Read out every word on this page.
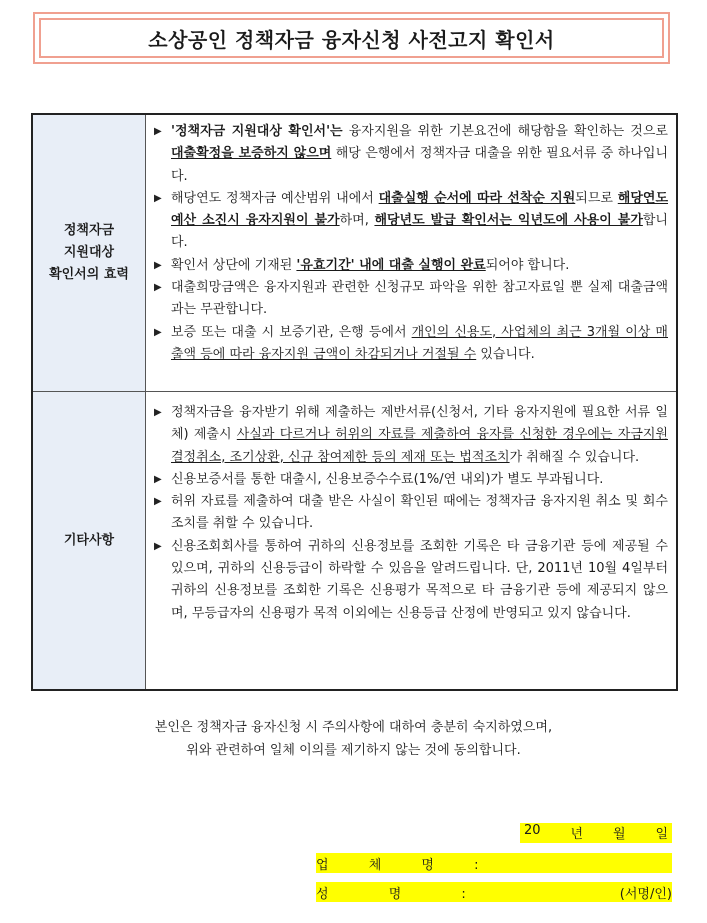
소상공인 정책자금 융자신청 사전고지 확인서
정책자금
지원대상
확인서의 효력
▶ '정책자금 지원대상 확인서'는 융자지원을 위한 기본요건에 해당함을 확인하는 것으로 대출확정을 보증하지 않으며 해당 은행에서 정책자금 대출을 위한 필요서류 중 하나입니다.
▶ 해당연도 정책자금 예산범위 내에서 대출실행 순서에 따라 선착순 지원되므로 해당연도 예산 소진시 융자지원이 불가하며, 해당년도 발급 확인서는 익년도에 사용이 불가합니다.
▶ 확인서 상단에 기재된 '유효기간' 내에 대출 실행이 완료되어야 합니다.
▶ 대출희망금액은 융자지원과 관련한 신청규모 파악을 위한 참고자료일 뿐 실제 대출금액과는 무관합니다.
▶ 보증 또는 대출 시 보증기관, 은행 등에서 개인의 신용도, 사업체의 최근 3개월 이상 매출액 등에 따라 융자지원 금액이 차감되거나 거절될 수 있습니다.
기타사항
▶ 정책자금을 융자받기 위해 제출하는 제반서류(신청서, 기타 융자지원에 필요한 서류 일체) 제출시 사실과 다르거나 허위의 자료를 제출하여 융자를 신청한 경우에는 자금지원 결정취소, 조기상환, 신규 참여제한 등의 제재 또는 법적조치가 취해질 수 있습니다.
▶ 신용보증서를 통한 대출시, 신용보증수수료(1%/연 내외)가 별도 부과됩니다.
▶ 허위 자료를 제출하여 대출 받은 사실이 확인된 때에는 정책자금 융자지원 취소 및 회수조치를 취할 수 있습니다.
▶ 신용조회회사를 통하여 귀하의 신용정보를 조회한 기록은 타 금융기관 등에 제공될 수 있으며, 귀하의 신용등급이 하락할 수 있음을 알려드립니다. 단, 2011년 10월 4일부터 귀하의 신용정보를 조회한 기록은 신용평가 목적으로 타 금융기관 등에 제공되지 않으며, 무등급자의 신용평가 목적 이외에는 신용등급 산정에 반영되고 있지 않습니다.
본인은 정책자금 융자신청 시 주의사항에 대하여 충분히 숙지하였으며,
위와 관련하여 일체 이의를 제기하지 않는 것에 동의합니다.
20 년 월 일
업 체 명 :
성 명 :	(서명/인)
